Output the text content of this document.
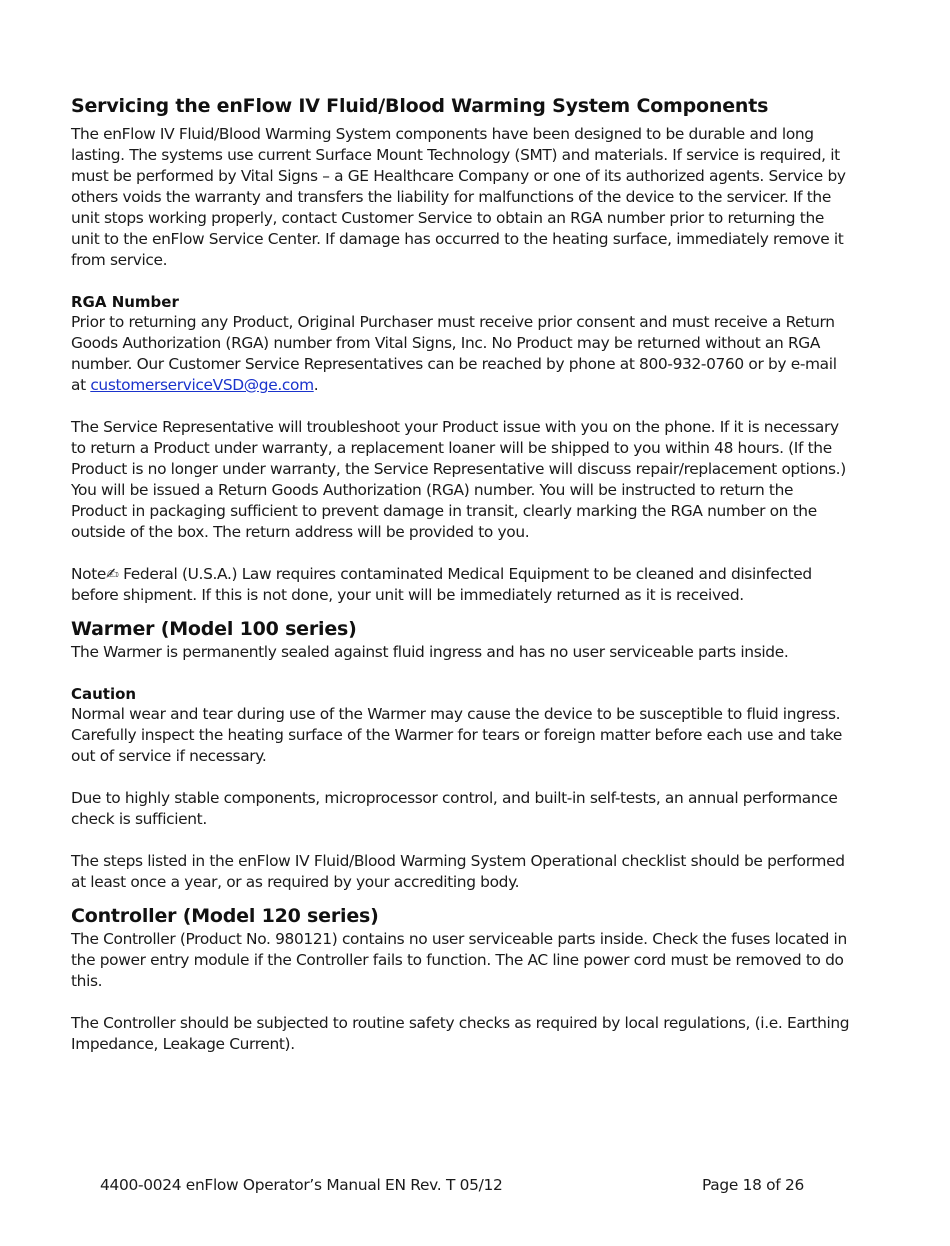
Servicing the enFlow IV Fluid/Blood Warming System Components

The enFlow IV Fluid/Blood Warming System components have been designed to be durable and long lasting. The systems use current Surface Mount Technology (SMT) and materials. If service is required, it must be performed by Vital Signs – a GE Healthcare Company or one of its authorized agents. Service by others voids the warranty and transfers the liability for malfunctions of the device to the servicer. If the unit stops working properly, contact Customer Service to obtain an RGA number prior to returning the unit to the enFlow Service Center. If damage has occurred to the heating surface, immediately remove it from service.

RGA Number

Prior to returning any Product, Original Purchaser must receive prior consent and must receive a Return Goods Authorization (RGA) number from Vital Signs, Inc. No Product may be returned without an RGA number. Our Customer Service Representatives can be reached by phone at 800-932-0760 or by e-mail at customerserviceVSD@ge.com.

The Service Representative will troubleshoot your Product issue with you on the phone. If it is necessary to return a Product under warranty, a replacement loaner will be shipped to you within 48 hours. (If the Product is no longer under warranty, the Service Representative will discuss repair/replacement options.) You will be issued a Return Goods Authorization (RGA) number. You will be instructed to return the Product in packaging sufficient to prevent damage in transit, clearly marking the RGA number on the outside of the box. The return address will be provided to you.

Note✍ Federal (U.S.A.) Law requires contaminated Medical Equipment to be cleaned and disinfected before shipment. If this is not done, your unit will be immediately returned as it is received.

Warmer (Model 100 series)

The Warmer is permanently sealed against fluid ingress and has no user serviceable parts inside.

Caution

Normal wear and tear during use of the Warmer may cause the device to be susceptible to fluid ingress. Carefully inspect the heating surface of the Warmer for tears or foreign matter before each use and take out of service if necessary.

Due to highly stable components, microprocessor control, and built-in self-tests, an annual performance check is sufficient.

The steps listed in the enFlow IV Fluid/Blood Warming System Operational checklist should be performed at least once a year, or as required by your accrediting body.

Controller (Model 120 series)

The Controller (Product No. 980121) contains no user serviceable parts inside. Check the fuses located in the power entry module if the Controller fails to function. The AC line power cord must be removed to do this.

The Controller should be subjected to routine safety checks as required by local regulations, (i.e. Earthing Impedance, Leakage Current).

4400-0024 enFlow Operator’s Manual EN Rev. T 05/12	Page 18 of 26
